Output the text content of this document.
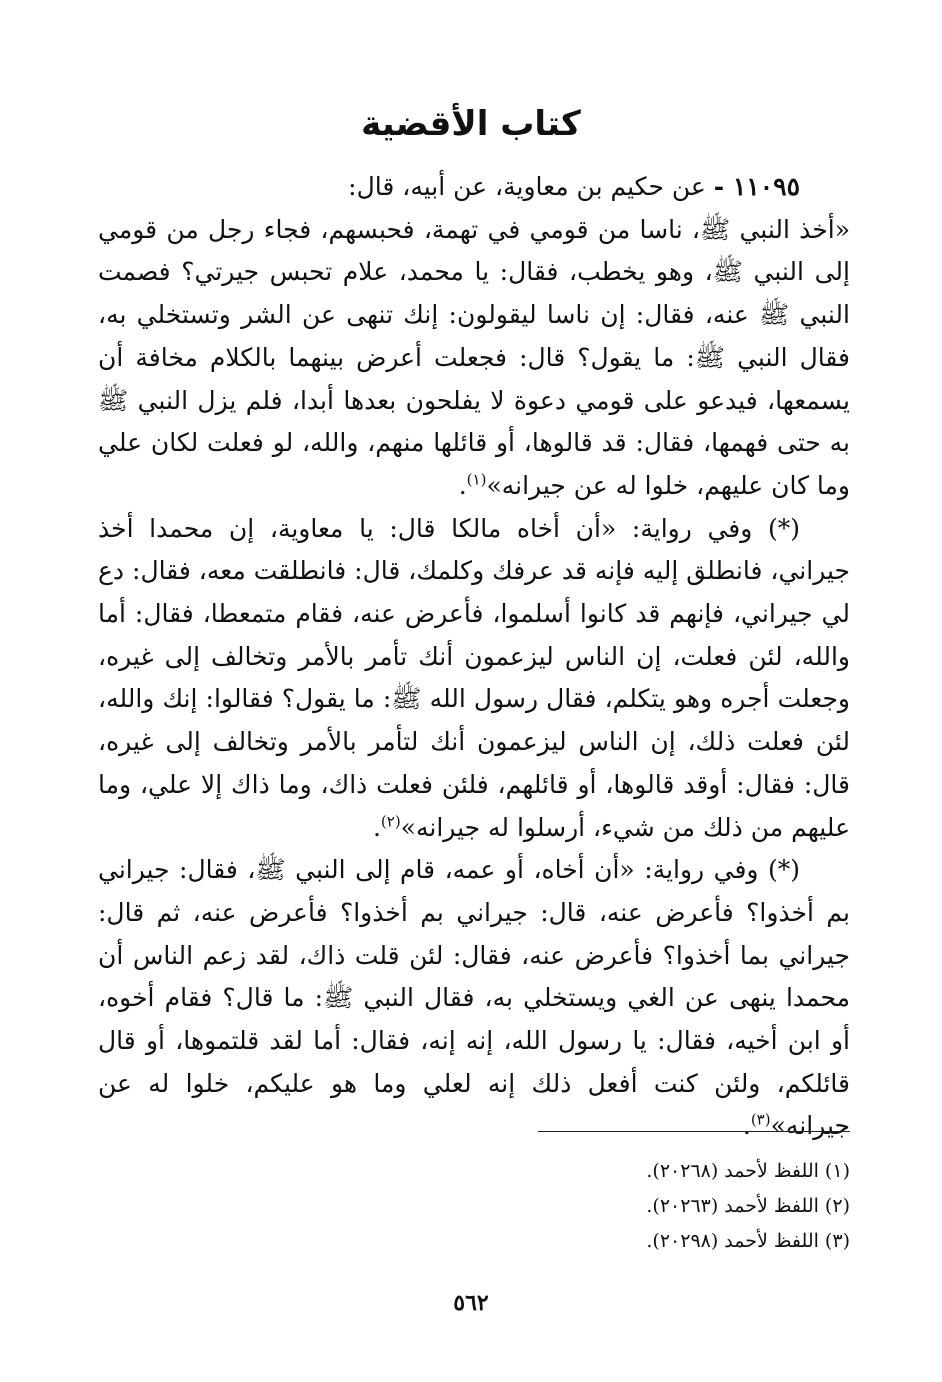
كتاب الأقضية

١١٠٩٥ - عن حكيم بن معاوية، عن أبيه، قال:

«أخذ النبي ﷺ، ناسا من قومي في تهمة، فحبسهم، فجاء رجل من قومي إلى النبي ﷺ، وهو يخطب، فقال: يا محمد، علام تحبس جيرتي؟ فصمت النبي ﷺ عنه، فقال: إن ناسا ليقولون: إنك تنهى عن الشر وتستخلي به، فقال النبي ﷺ: ما يقول؟ قال: فجعلت أعرض بينهما بالكلام مخافة أن يسمعها، فيدعو على قومي دعوة لا يفلحون بعدها أبدا، فلم يزل النبي ﷺ به حتى فهمها، فقال: قد قالوها، أو قائلها منهم، والله، لو فعلت لكان علي وما كان عليهم، خلوا له عن جيرانه»$^{(١)}$.

(*) وفي رواية: «أن أخاه مالكا قال: يا معاوية، إن محمدا أخذ جيراني، فانطلق إليه فإنه قد عرفك وكلمك، قال: فانطلقت معه، فقال: دع لي جيراني، فإنهم قد كانوا أسلموا، فأعرض عنه، فقام متمعطا، فقال: أما والله، لئن فعلت، إن الناس ليزعمون أنك تأمر بالأمر وتخالف إلى غيره، وجعلت أجره وهو يتكلم، فقال رسول الله ﷺ: ما يقول؟ فقالوا: إنك والله، لئن فعلت ذلك، إن الناس ليزعمون أنك لتأمر بالأمر وتخالف إلى غيره، قال: فقال: أوقد قالوها، أو قائلهم، فلئن فعلت ذاك، وما ذاك إلا علي، وما عليهم من ذلك من شيء، أرسلوا له جيرانه»$^{(٢)}$.

(*) وفي رواية: «أن أخاه، أو عمه، قام إلى النبي ﷺ، فقال: جيراني بم أخذوا؟ فأعرض عنه، قال: جيراني بم أخذوا؟ فأعرض عنه، ثم قال: جيراني بما أخذوا؟ فأعرض عنه، فقال: لئن قلت ذاك، لقد زعم الناس أن محمدا ينهى عن الغي ويستخلي به، فقال النبي ﷺ: ما قال؟ فقام أخوه، أو ابن أخيه، فقال: يا رسول الله، إنه إنه، فقال: أما لقد قلتموها، أو قال قائلكم، ولئن كنت أفعل ذلك إنه لعلي وما هو عليكم، خلوا له عن جيرانه»$^{(٣)}$.

(١) اللفظ لأحمد (٢٠٢٦٨).
(٢) اللفظ لأحمد (٢٠٢٦٣).
(٣) اللفظ لأحمد (٢٠٢٩٨).
٥٦٢
